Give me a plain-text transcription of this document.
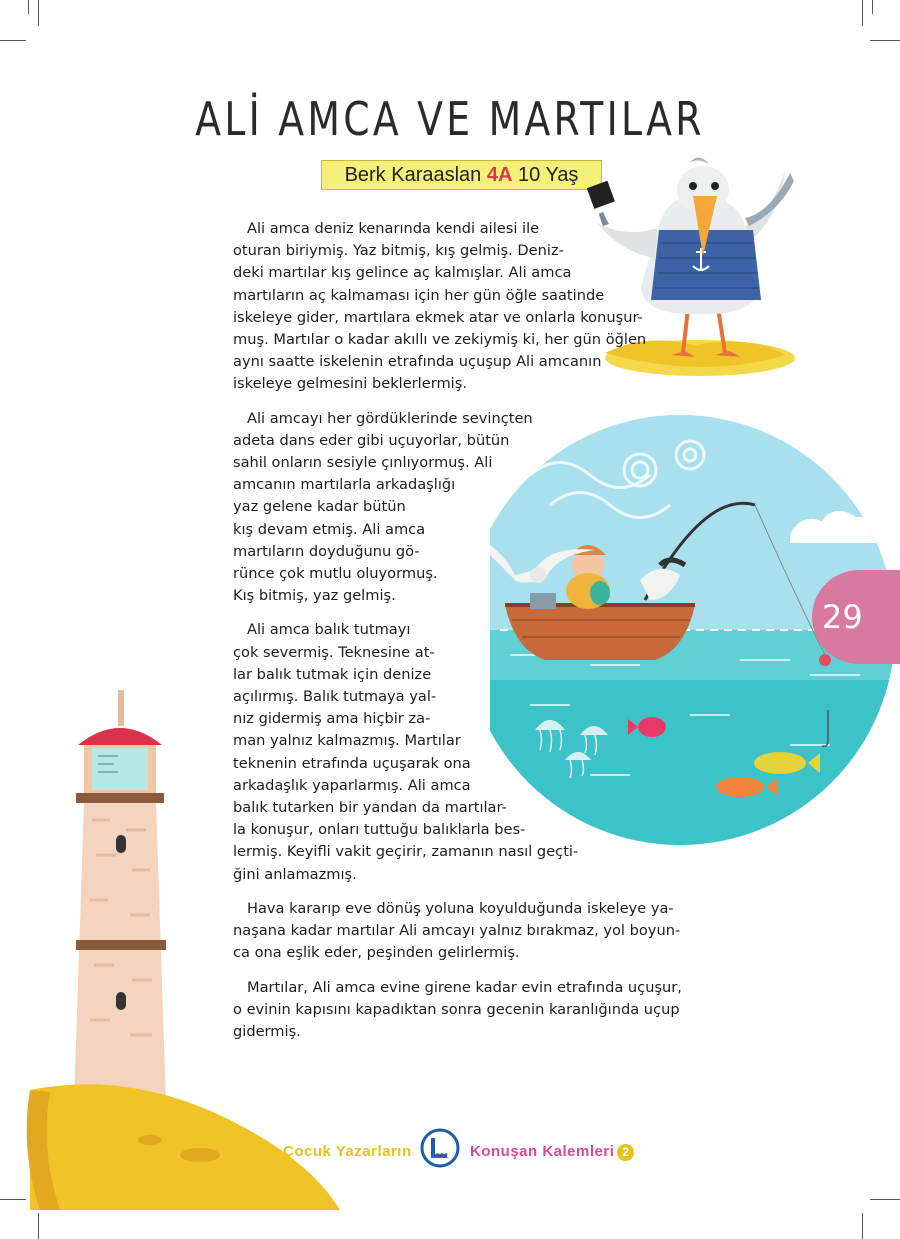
ALİ AMCA VE MARTILAR
Berk Karaaslan 4A 10 Yaş
29
Ali amca deniz kenarında kendi ailesi ile
oturan biriymiş. Yaz bitmiş, kış gelmiş. Deniz-
deki martılar kış gelince aç kalmışlar. Ali amca
martıların aç kalmaması için her gün öğle saatinde
iskeleye gider, martılara ekmek atar ve onlarla konuşur-
muş. Martılar o kadar akıllı ve zekiymiş ki, her gün öğlen
aynı saatte iskelenin etrafında uçuşup Ali amcanın
iskeleye gelmesini beklerlermiş.
Ali amcayı her gördüklerinde sevinçten
adeta dans eder gibi uçuyorlar, bütün
sahil onların sesiyle çınlıyormuş. Ali
amcanın martılarla arkadaşlığı
yaz gelene kadar bütün
kış devam etmiş. Ali amca
martıların doyduğunu gö-
rünce çok mutlu oluyormuş.
Kış bitmiş, yaz gelmiş.
Ali amca balık tutmayı
çok severmiş. Teknesine at-
lar balık tutmak için denize
açılırmış. Balık tutmaya yal-
nız gidermiş ama hiçbir za-
man yalnız kalmazmış. Martılar
teknenin etrafında uçuşarak ona
arkadaşlık yaparlarmış. Ali amca
balık tutarken bir yandan da martılar-
la konuşur, onları tuttuğu balıklarla bes-
lermiş. Keyifli vakit geçirir, zamanın nasıl geçti-
ğini anlamazmış.
Hava kararıp eve dönüş yoluna koyulduğunda iskeleye ya-
naşana kadar martılar Ali amcayı yalnız bırakmaz, yol boyun-
ca ona eşlik eder, peşinden gelirlermiş.
Martılar, Ali amca evine girene kadar evin etrafında uçuşur,
o evinin kapısını kapadıktan sonra gecenin karanlığında uçup
gidermiş.
Çocuk Yazarların	1951 Konuşan Kalemleri 2
